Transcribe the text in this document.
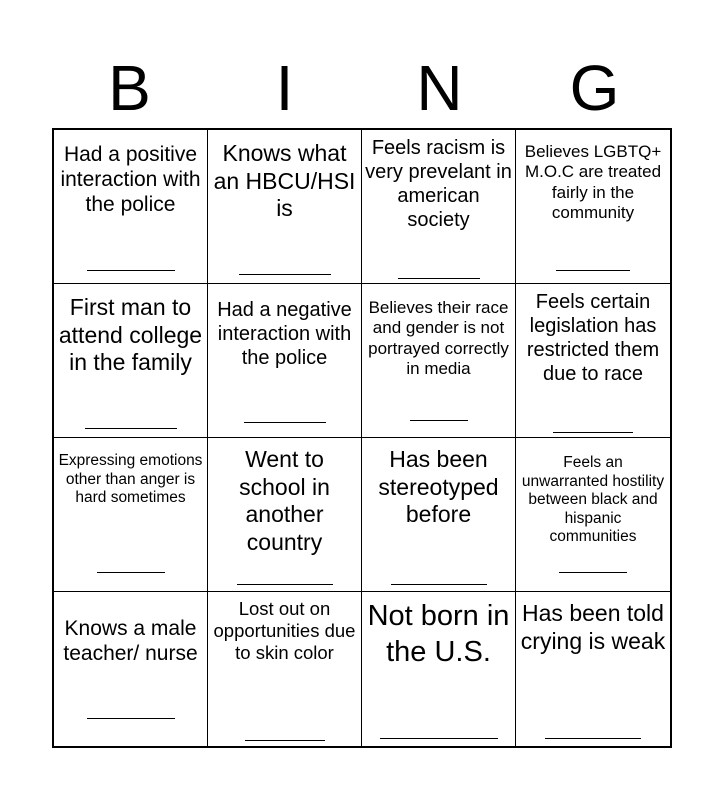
B	I	N	G
Had a positive interaction with the police
Knows what an HBCU/HSI is
Feels racism is very prevelant in american society
Believes LGBTQ+ M.O.C are treated fairly in the community
First man to attend college in the family
Had a negative interaction with the police
Believes their race and gender is not portrayed correctly in media
Feels certain legislation has restricted them due to race
Expressing emotions other than anger is hard sometimes
Went to school in another country
Has been stereotyped before
Feels an unwarranted hostility between black and hispanic communities
Knows a male teacher/ nurse
Lost out on opportunities due to skin color
Not born in the U.S.
Has been told crying is weak
